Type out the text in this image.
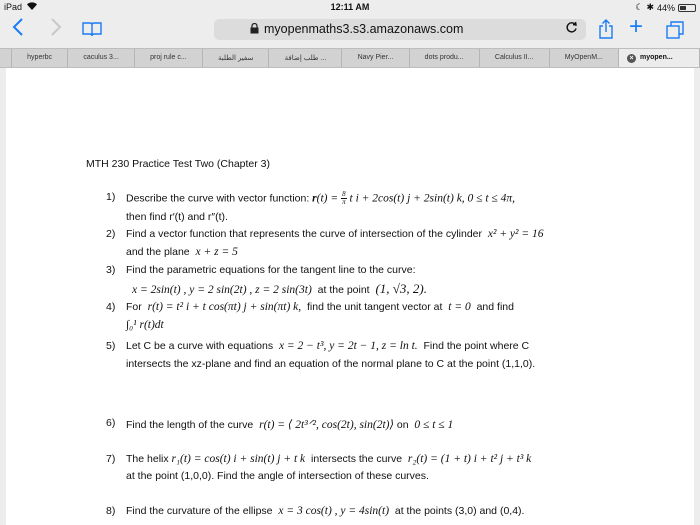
iPad	12:11 AM	☾ ✱ 44%
myopenmaths3.s3.amazonaws.com	+
hyperbc	caculus 3...	proj rule c...	سفير الطلبة	طلب إضافة ...	Navy Pier...	dots produ...	Calculus II...	MyOpenM...	× myopen...
MTH 230 Practice Test Two (Chapter 3)
1)	Describe the curve with vector function: $r(t) = \frac{8}{\pi}$ t i + 2cos(t) j + 2sin(t) k, 0 ≤ t ≤ 4π,
then find r′(t) and r″(t).
2)	Find a vector function that represents the curve of intersection of the cylinder x² + y² = 16
and the plane x + z = 5
3)	Find the parametric equations for the tangent line to the curve:
x = 2sin(t) , y = 2 sin(2t) , z = 2 sin(3t) at the point (1, √3, 2).
4)	For r(t) = t² i + t cos(πt) j + sin(πt) k, find the unit tangent vector at t = 0 and find
∫₀¹ r(t)dt
5)	Let C be a curve with equations x = 2 − t³, y = 2t − 1, z = ln t. Find the point where C
intersects the xz-plane and find an equation of the normal plane to C at the point (1,1,0).
6)	Find the length of the curve r(t) = ⟨ 2t³ᐟ², cos(2t), sin(2t)⟩ on 0 ≤ t ≤ 1
7)	The helix r₁(t) = cos(t) i + sin(t) j + t k intersects the curve r₂(t) = (1 + t) i + t² j + t³ k
at the point (1,0,0). Find the angle of intersection of these curves.
8)	Find the curvature of the ellipse x = 3 cos(t) , y = 4sin(t) at the points (3,0) and (0,4).
